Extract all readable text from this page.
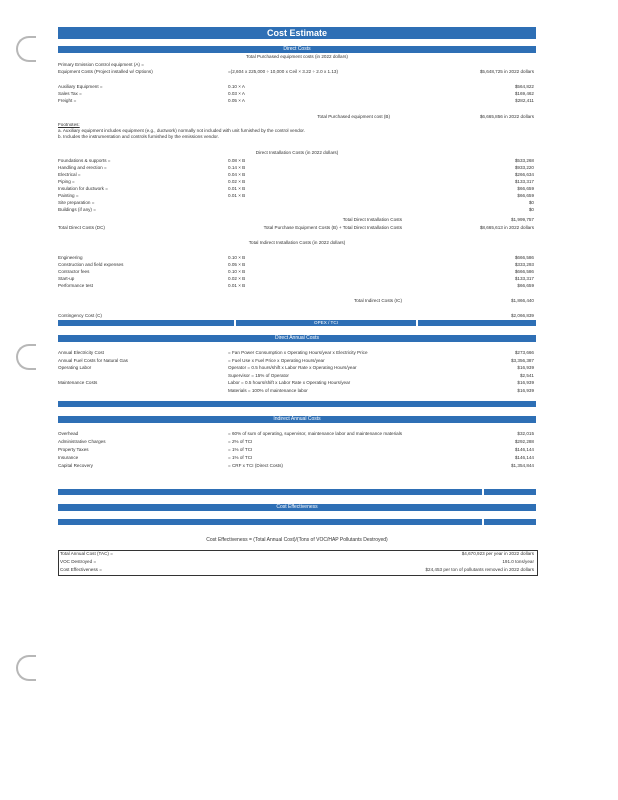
Cost Estimate
Direct Costs
Total Purchased equipment costs (in 2022 dollars)
Primary Emission Control equipment (A) =
Equipment Costs (Project installed w/ Options)	=(2,604 x 225,000 ÷ 10,000 x Ceil × 3.22 ÷ 2.0 x 1.13)	$5,648,725 in 2022 dollars
Auxiliary Equipment =	0.10 × A	$564,822
Sales Tax =	0.03 × A	$169,462
Freight =	0.05 × A	$282,411
Total Purchased equipment cost (B)	$6,665,856 in 2022 dollars
Footnotes:
a. Auxiliary equipment includes equipment (e.g., ductwork) normally not included with unit furnished by the control vendor.
b. Includes the instrumentation and controls furnished by the emissions vendor.
Direct Installation Costs (in 2022 dollars)
Foundations & supports =	0.08 × B	$533,268
Handling and erection =	0.14 × B	$933,220
Electrical =	0.04 × B	$266,634
Piping =	0.02 × B	$133,317
Insulation for ductwork =	0.01 × B	$66,659
Painting =	0.01 × B	$66,659
Site preparation =	$0
Buildings (if any) =	$0
Total Direct Installation Costs	$1,999,757
Total Direct Costs (DC)	Total Purchase Equipment Costs (B) + Total Direct Installation Costs	$8,665,613 in 2022 dollars
Total Indirect Installation Costs (in 2022 dollars)
Engineering	0.10 × B	$666,586
Construction and field expenses	0.05 × B	$333,293
Contractor fees	0.10 × B	$666,586
Start-up	0.02 × B	$133,317
Performance test	0.01 × B	$66,659
Total Indirect Costs (IC)	$1,866,440
Contingency Cost (C)	$2,066,839
OPEX / TCI
Direct Annual Costs
Annual Electricity Cost	= Fan Power Consumption x Operating Hours/year x Electricity Price	$273,666
Annual Fuel Costs for Natural Gas	= Fuel Use x Fuel Price x Operating Hours/year	$3,356,387
Operating Labor	Operator = 0.5 hours/shift x Labor Rate x Operating Hours/year	$16,939
Supervisor = 15% of Operator	$2,541
Maintenance Costs	Labor = 0.5 hours/shift x Labor Rate x Operating Hours/year	$16,939
Materials = 100% of maintenance labor	$16,939
Indirect Annual Costs
Overhead	= 60% of sum of operating, supervisor, maintenance labor and maintenance materials	$32,015
Administrative Charges	= 2% of TCI	$292,288
Property Taxes	= 1% of TCI	$146,144
Insurance	= 1% of TCI	$146,144
Capital Recovery	= CRF x TCI (Direct Costs)	$1,354,844
Cost Effectiveness
Cost Effectiveness = (Total Annual Cost)/(Tons of VOC/HAP Pollutants Destroyed)
Total Annual Cost (TAC) =	$4,670,923 per year in 2022 dollars
VOC Destroyed =	191.0 tons/year
Cost Effectiveness =	$24,453 per ton of pollutants removed in 2022 dollars
